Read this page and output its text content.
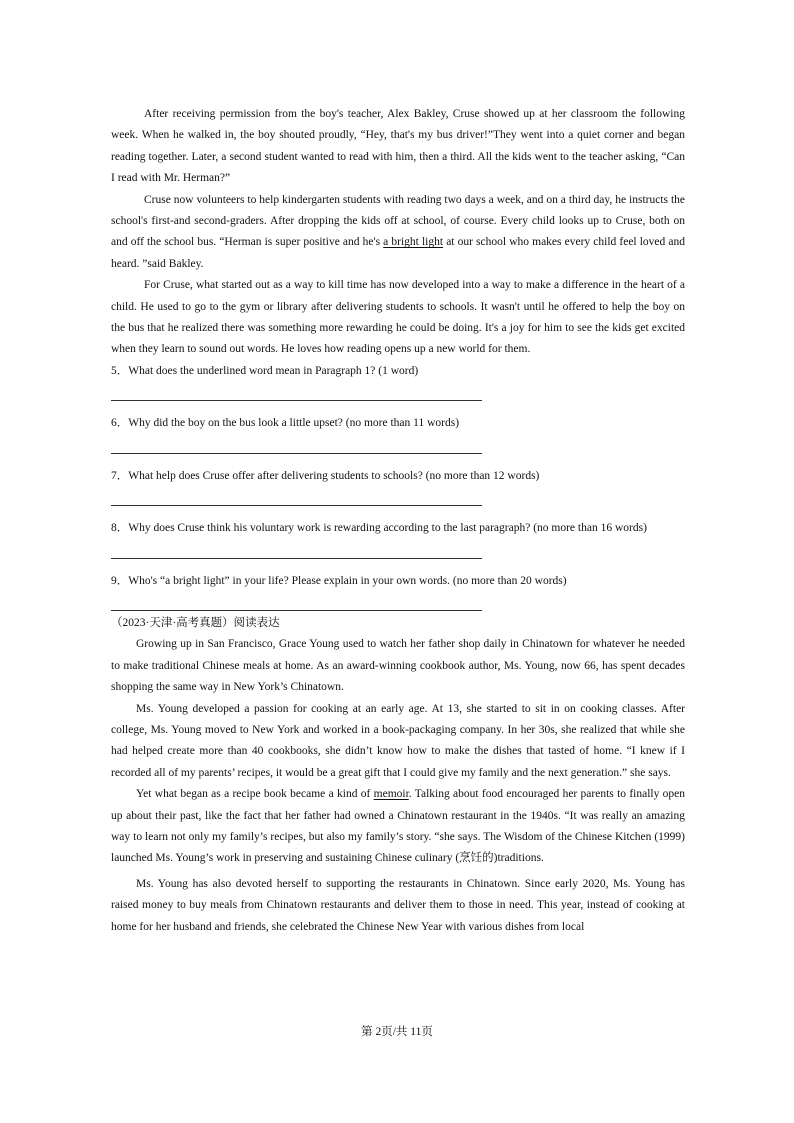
After receiving permission from the boy's teacher, Alex Bakley, Cruse showed up at her classroom the following week. When he walked in, the boy shouted proudly, “Hey, that's my bus driver!”They went into a quiet corner and began reading together. Later, a second student wanted to read with him, then a third. All the kids went to the teacher asking, “Can I read with Mr. Herman?”

Cruse now volunteers to help kindergarten students with reading two days a week, and on a third day, he instructs the school's first-and second-graders. After dropping the kids off at school, of course. Every child looks up to Cruse, both on and off the school bus. “Herman is super positive and he's a bright light at our school who makes every child feel loved and heard. ”said Bakley.

For Cruse, what started out as a way to kill time has now developed into a way to make a difference in the heart of a child. He used to go to the gym or library after delivering students to schools. It wasn't until he offered to help the boy on the bus that he realized there was something more rewarding he could be doing. It's a joy for him to see the kids get excited when they learn to sound out words. He loves how reading opens up a new world for them.

5．What does the underlined word mean in Paragraph 1? (1 word)

6．Why did the boy on the bus look a little upset? (no more than 11 words)

7．What help does Cruse offer after delivering students to schools? (no more than 12 words)

8．Why does Cruse think his voluntary work is rewarding according to the last paragraph? (no more than 16 words)

9．Who's “a bright light” in your life? Please explain in your own words. (no more than 20 words)

（2023·天津·高考真题）阅读表达

Growing up in San Francisco, Grace Young used to watch her father shop daily in Chinatown for whatever he needed to make traditional Chinese meals at home. As an award-winning cookbook author, Ms. Young, now 66, has spent decades shopping the same way in New York’s Chinatown.

Ms. Young developed a passion for cooking at an early age. At 13, she started to sit in on cooking classes. After college, Ms. Young moved to New York and worked in a book-packaging company. In her 30s, she realized that while she had helped create more than 40 cookbooks, she didn’t know how to make the dishes that tasted of home. “I knew if I recorded all of my parents’ recipes, it would be a great gift that I could give my family and the next generation.” she says.

Yet what began as a recipe book became a kind of memoir. Talking about food encouraged her parents to finally open up about their past, like the fact that her father had owned a Chinatown restaurant in the 1940s. “It was really an amazing way to learn not only my family’s recipes, but also my family’s story. “she says. The Wisdom of the Chinese Kitchen (1999) launched Ms. Young’s work in preserving and sustaining Chinese culinary (烹饪的)traditions.

Ms. Young has also devoted herself to supporting the restaurants in Chinatown. Since early 2020, Ms. Young has raised money to buy meals from Chinatown restaurants and deliver them to those in need. This year, instead of cooking at home for her husband and friends, she celebrated the Chinese New Year with various dishes from local

第 2页/共 11页
